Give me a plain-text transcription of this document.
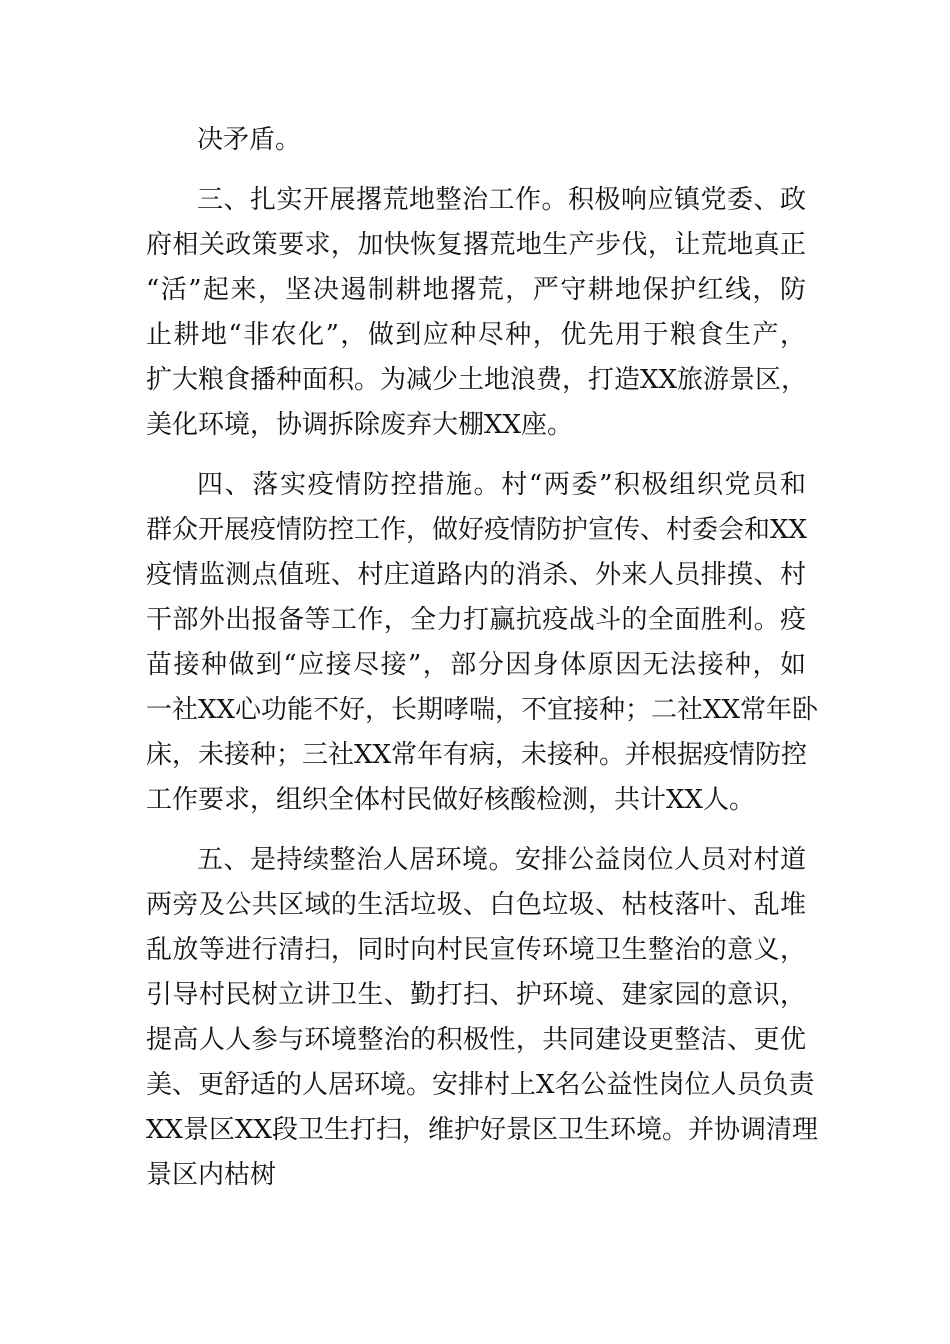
决矛盾。
三、扎实开展撂荒地整治工作。积极响应镇党委、政
府相关政策要求，加快恢复撂荒地生产步伐，让荒地真正
“活”起来，坚决遏制耕地撂荒，严守耕地保护红线，防
止耕地“非农化”，做到应种尽种，优先用于粮食生产，
扩大粮食播种面积。为减少土地浪费，打造XX旅游景区，
美化环境，协调拆除废弃大棚XX座。
四、落实疫情防控措施。村“两委”积极组织党员和
群众开展疫情防控工作，做好疫情防护宣传、村委会和XX
疫情监测点值班、村庄道路内的消杀、外来人员排摸、村
干部外出报备等工作，全力打赢抗疫战斗的全面胜利。疫
苗接种做到“应接尽接”，部分因身体原因无法接种，如
一社XX心功能不好，长期哮喘，不宜接种；二社XX常年卧
床，未接种；三社XX常年有病，未接种。并根据疫情防控
工作要求，组织全体村民做好核酸检测，共计XX人。
五、是持续整治人居环境。安排公益岗位人员对村道
两旁及公共区域的生活垃圾、白色垃圾、枯枝落叶、乱堆
乱放等进行清扫，同时向村民宣传环境卫生整治的意义，
引导村民树立讲卫生、勤打扫、护环境、建家园的意识，
提高人人参与环境整治的积极性，共同建设更整洁、更优
美、更舒适的人居环境。安排村上X名公益性岗位人员负责
XX景区XX段卫生打扫，维护好景区卫生环境。并协调清理
景区内枯树
